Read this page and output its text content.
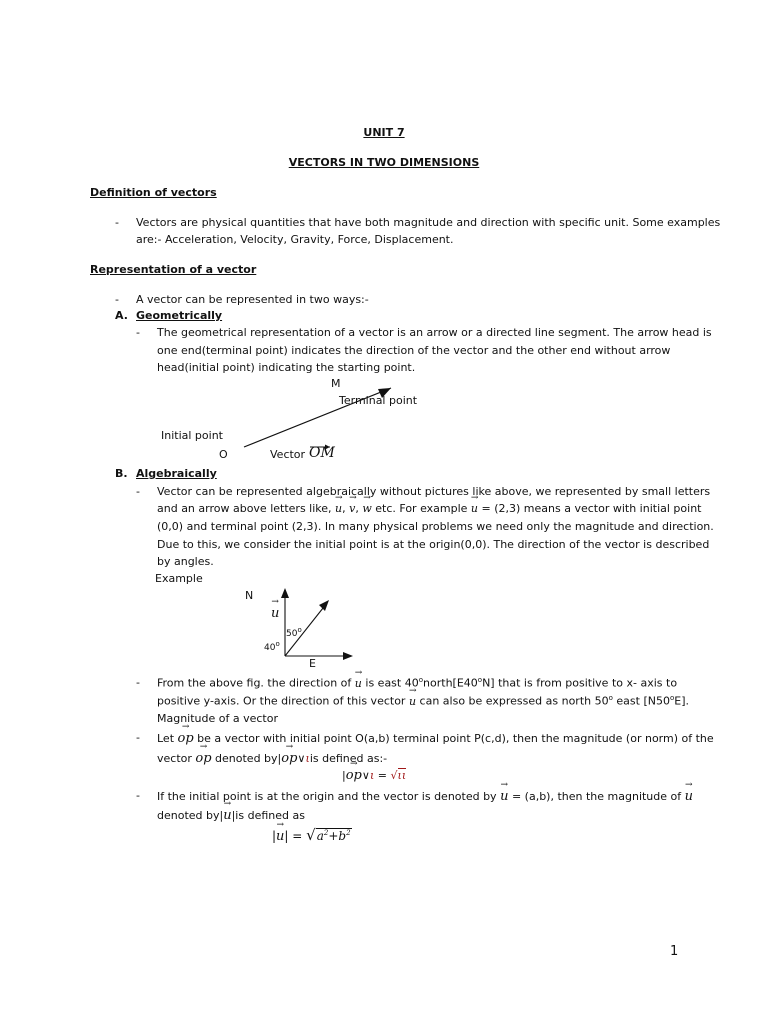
UNIT 7
VECTORS IN TWO DIMENSIONS
Definition of vectors
- Vectors are physical quantities that have both magnitude and direction with specific unit. Some examples
are:- Acceleration, Velocity, Gravity, Force, Displacement.
Representation of a vector
- A vector can be represented in two ways:-
A. Geometrically
- The geometrical representation of a vector is an arrow or a directed line segment. The arrow head is
one end(terminal point) indicates the direction of the vector and the other end without arrow
head(initial point) indicating the starting point.
M
Terminal point
Initial point
O	Vector OM
B. Algebraically
- Vector can be represented algebraically without pictures like above, we represented by small letters
and an arrow above letters like, → u, → v, → w etc. For example → u = (2,3) means a vector with initial point
(0,0) and terminal point (2,3). In many physical problems we need only the magnitude and direction.
Due to this, we consider the initial point is at the origin(0,0). The direction of the vector is described
by angles.
Example
N
→ u
50$^o$
40$^o$
E
- From the above fig. the direction of → u is east 40$^o$north[E40$^o$N] that is from positive to x- axis to
positive y-axis. Or the direction of this vector → u can also be expressed as north 50$^o$ east [N50$^o$E].
Magnitude of a vector
- Let → op be a vector with initial point O(a,b) terminal point P(c,d), then the magnitude (or norm) of the
vector → op denoted by|→ op∨ιis defined as:-
|→ op∨ι = √ιι
- If the initial point is at the origin and the vector is denoted by → u = (a,b), then the magnitude of → u
denoted by|→ u|is defined as
|→ $u| = √a^2+b^2$
1
